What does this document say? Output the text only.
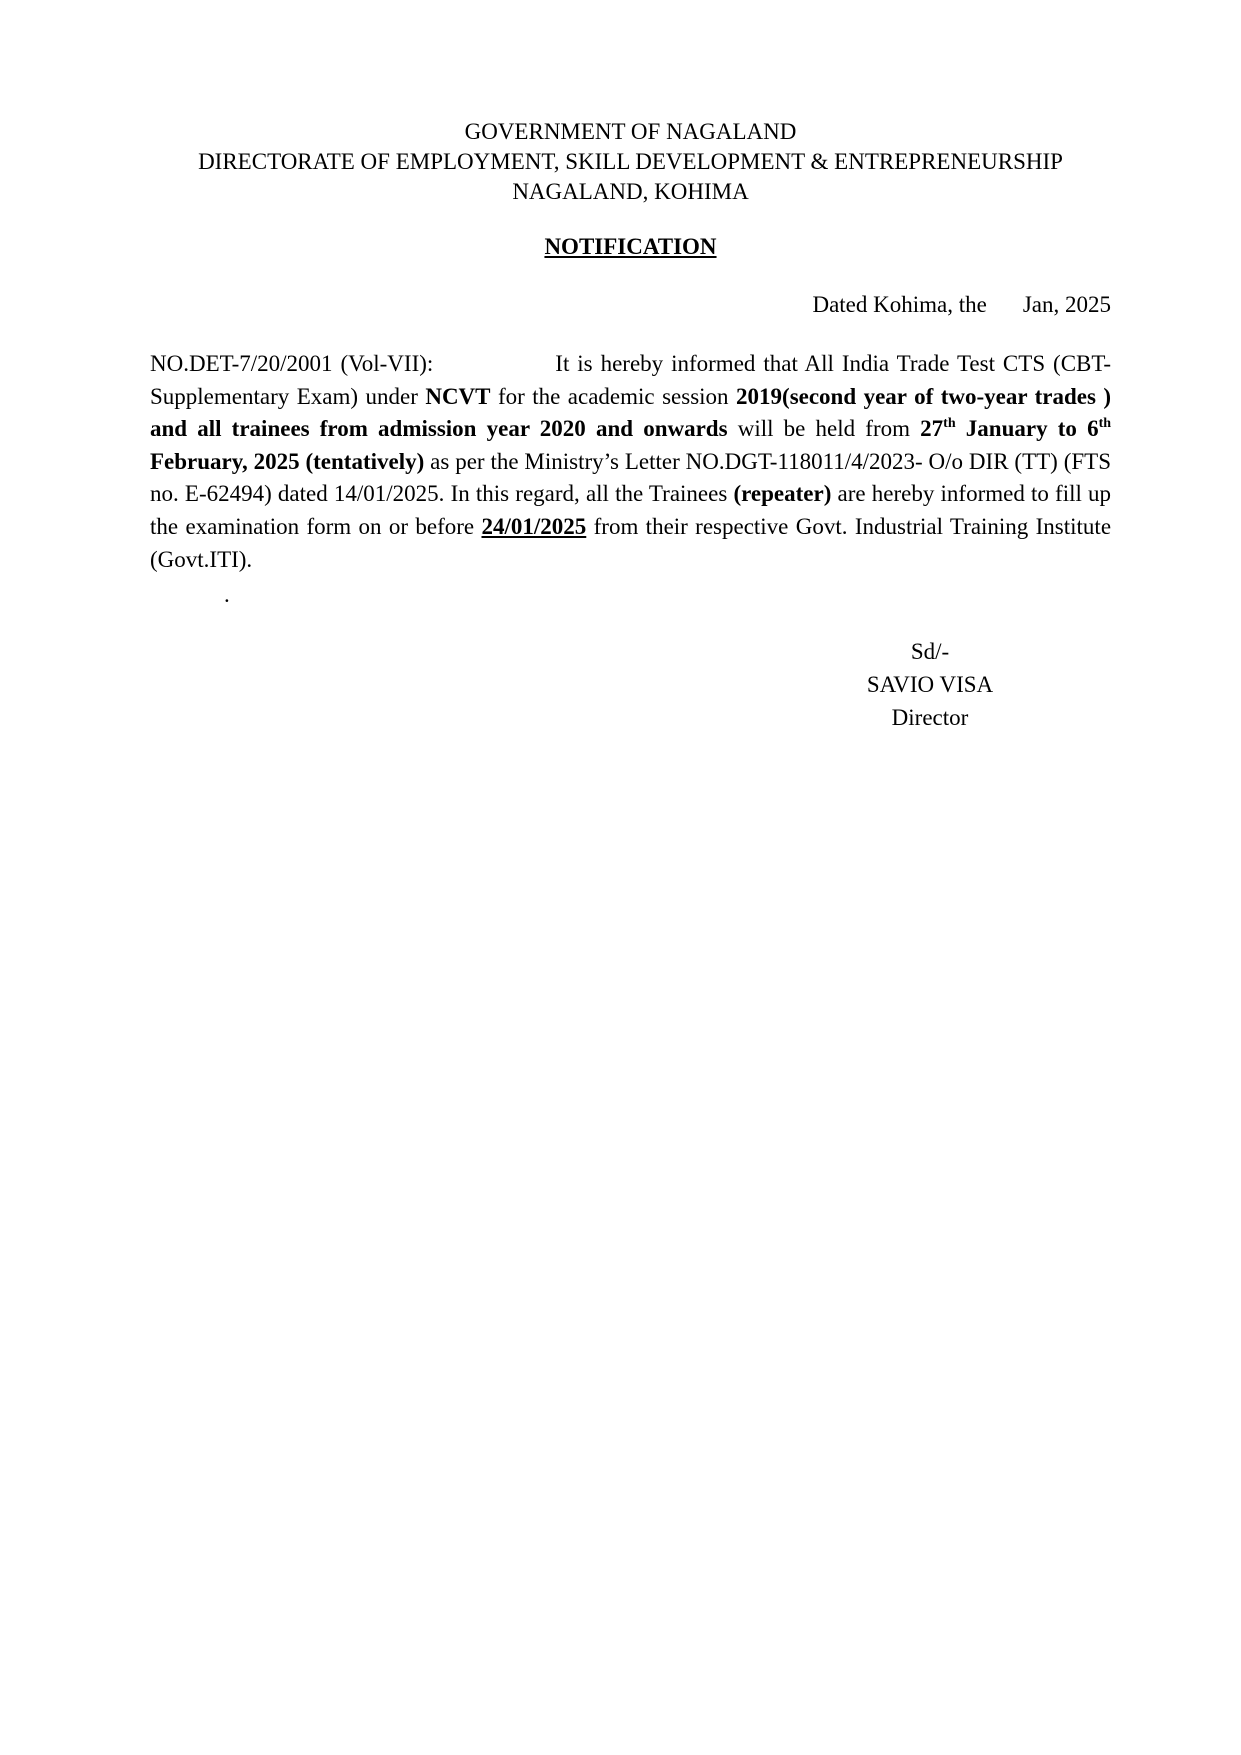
GOVERNMENT OF NAGALAND
DIRECTORATE OF EMPLOYMENT, SKILL DEVELOPMENT & ENTREPRENEURSHIP
NAGALAND, KOHIMA
NOTIFICATION
Dated Kohima, the Jan, 2025
NO.DET-7/20/2001 (Vol-VII):	It is hereby informed that All India Trade Test CTS (CBT- Supplementary Exam) under NCVT for the academic session 2019(second year of two-year trades ) and all trainees from admission year 2020 and onwards will be held from 27th January to 6th February, 2025 (tentatively) as per the Ministry’s Letter NO.DGT-118011/4/2023- O/o DIR (TT) (FTS no. E-62494) dated 14/01/2025. In this regard, all the Trainees (repeater) are hereby informed to fill up the examination form on or before 24/01/2025 from their respective Govt. Industrial Training Institute (Govt.ITI).
.
Sd/-
SAVIO VISA
Director
